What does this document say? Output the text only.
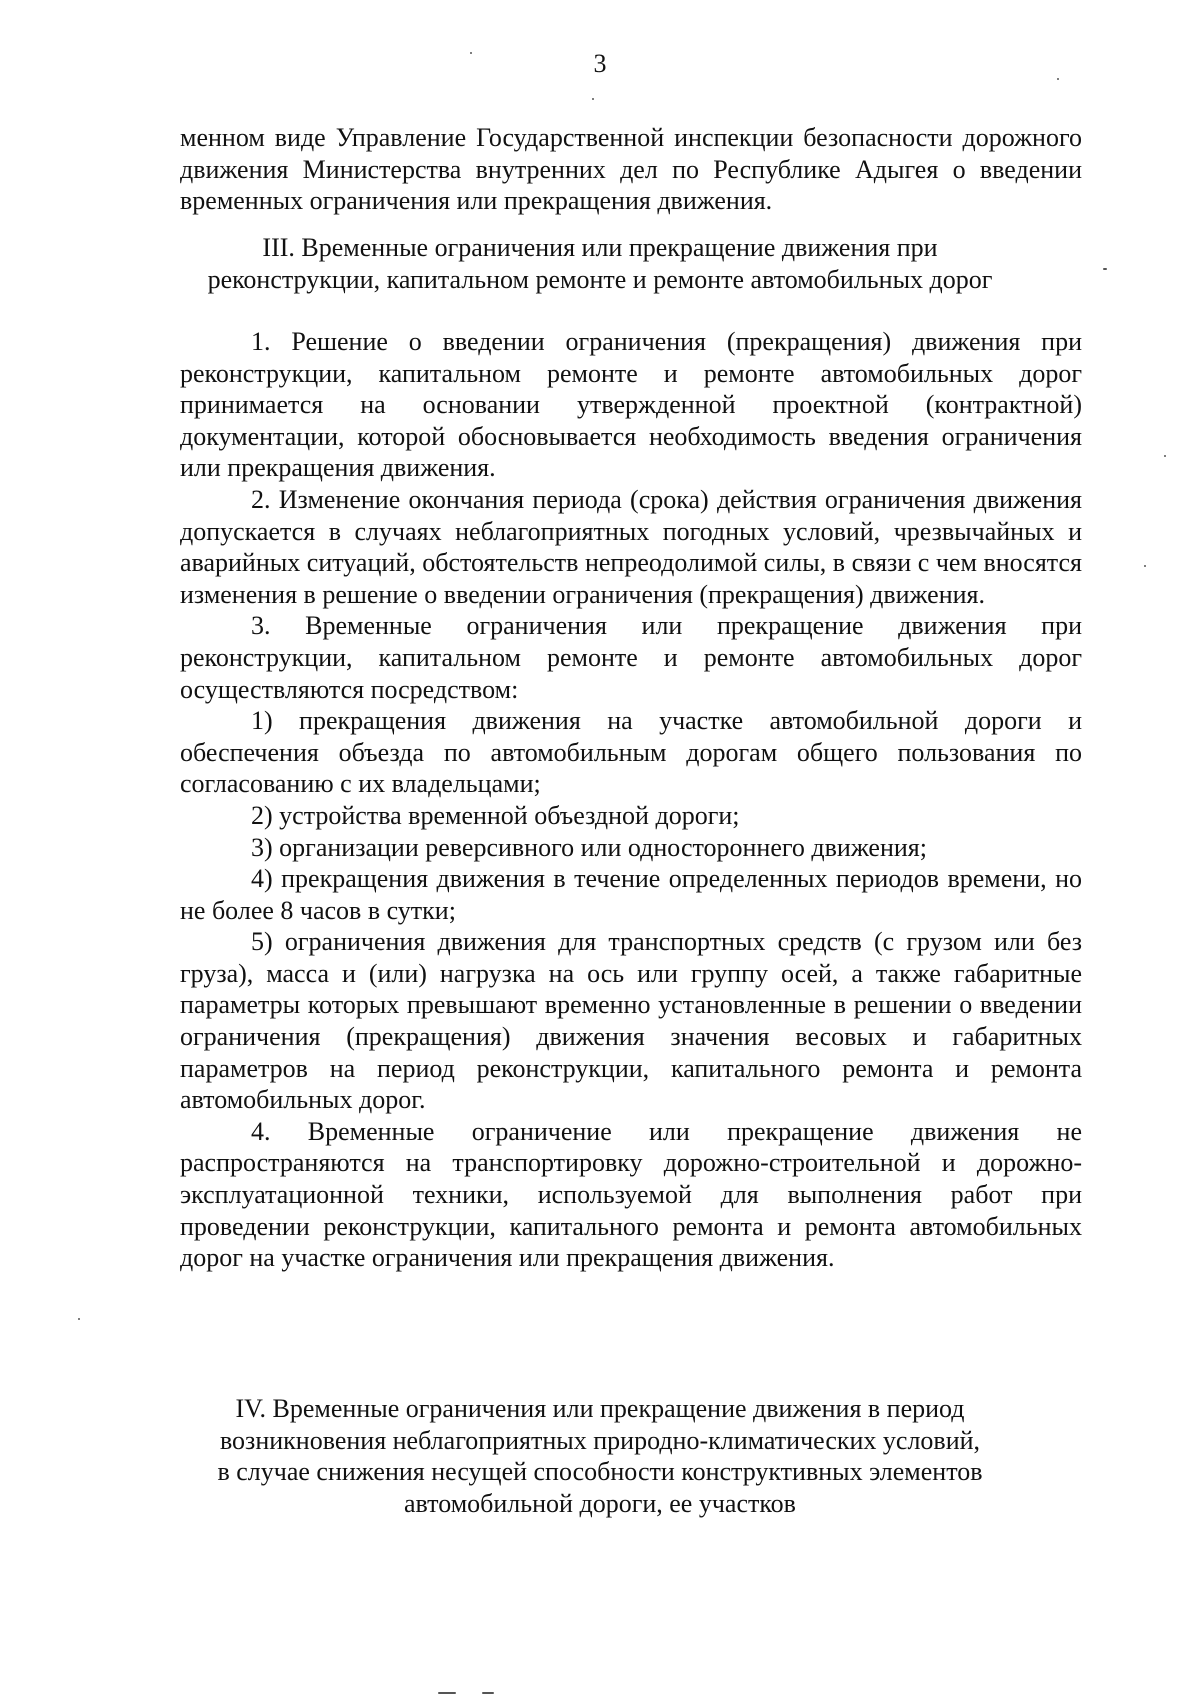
3

менном виде Управление Государственной инспекции безопасности дорожного движения Министерства внутренних дел по Республике Адыгея о введении временных ограничения или прекращения движения.

III. Временные ограничения или прекращение движения при
реконструкции, капитальном ремонте и ремонте автомобильных дорог

1. Решение о введении ограничения (прекращения) движения при реконструкции, капитальном ремонте и ремонте автомобильных дорог принимается на основании утвержденной проектной (контрактной) документации, которой обосновывается необходимость введения ограничения или прекращения движения.

2. Изменение окончания периода (срока) действия ограничения движения допускается в случаях неблагоприятных погодных условий, чрезвычайных и аварийных ситуаций, обстоятельств непреодолимой силы, в связи с чем вносятся изменения в решение о введении ограничения (прекращения) движения.

3. Временные ограничения или прекращение движения при реконструкции, капитальном ремонте и ремонте автомобильных дорог осуществляются посредством:

1) прекращения движения на участке автомобильной дороги и обеспечения объезда по автомобильным дорогам общего пользования по согласованию с их владельцами;

2) устройства временной объездной дороги;

3) организации реверсивного или одностороннего движения;

4) прекращения движения в течение определенных периодов времени, но не более 8 часов в сутки;

5) ограничения движения для транспортных средств (с грузом или без груза), масса и (или) нагрузка на ось или группу осей, а также габаритные параметры которых превышают временно установленные в решении о введении ограничения (прекращения) движения значения весовых и габаритных параметров на период реконструкции, капитального ремонта и ремонта автомобильных дорог.

4. Временные ограничение или прекращение движения не распространяются на транспортировку дорожно-строительной и дорожно-эксплуатационной техники, используемой для выполнения работ при проведении реконструкции, капитального ремонта и ремонта автомобильных дорог на участке ограничения или прекращения движения.

IV. Временные ограничения или прекращение движения в период
возникновения неблагоприятных природно-климатических условий,
в случае снижения несущей способности конструктивных элементов
автомобильной дороги, ее участков
